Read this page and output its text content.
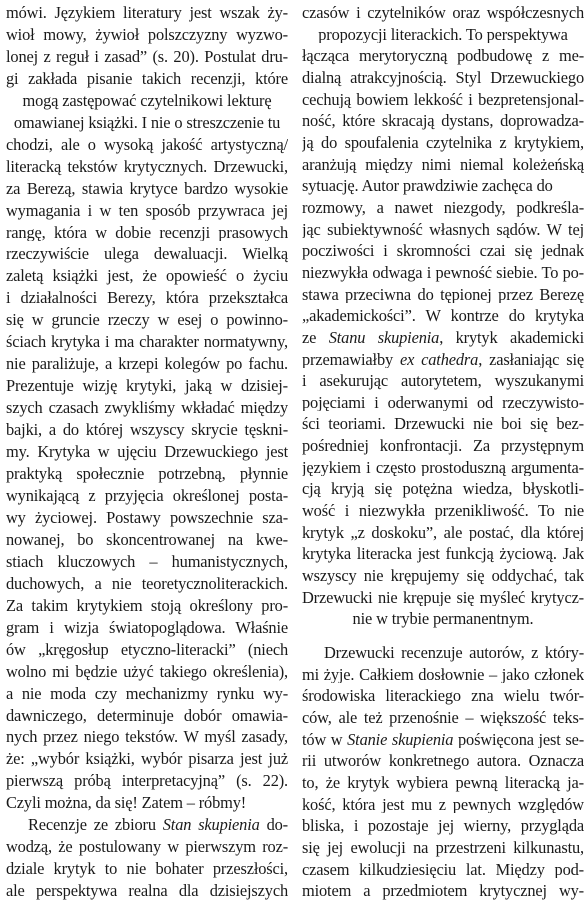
mówi. Językiem literatury jest wszak ży-
wioł mowy, żywioł polszczyzny wyzwo-
lonej z reguł i zasad” (s. 20). Postulat dru-
gi zakłada pisanie takich recenzji, które
mogą zastępować czytelnikowi lekturę
omawianej książki. I nie o streszczenie tu
chodzi, ale o wysoką jakość artystyczną/
literacką tekstów krytycznych. Drzewucki,
za Berezą, stawia krytyce bardzo wysokie
wymagania i w ten sposób przywraca jej
rangę, która w dobie recenzji prasowych
rzeczywiście ulega dewaluacji. Wielką
zaletą książki jest, że opowieść o życiu
i działalności Berezy, która przekształca
się w gruncie rzeczy w esej o powinno-
ściach krytyka i ma charakter normatywny,
nie paraliżuje, a krzepi kolegów po fachu.
Prezentuje wizję krytyki, jaką w dzisiej-
szych czasach zwykliśmy wkładać między
bajki, a do której wszyscy skrycie tęskni-
my. Krytyka w ujęciu Drzewuckiego jest
praktyką społecznie potrzebną, płynnie
wynikającą z przyjęcia określonej posta-
wy życiowej. Postawy powszechnie sza-
nowanej, bo skoncentrowanej na kwe-
stiach kluczowych – humanistycznych,
duchowych, a nie teoretycznoliterackich.
Za takim krytykiem stoją określony pro-
gram i wizja światopoglądowa. Właśnie
ów „kręgosłup etyczno-literacki” (niech
wolno mi będzie użyć takiego określenia),
a nie moda czy mechanizmy rynku wy-
dawniczego, determinuje dobór omawia-
nych przez niego tekstów. W myśl zasady,
że: „wybór książki, wybór pisarza jest już
pierwszą próbą interpretacyjną” (s. 22).
Czyli można, da się! Zatem – róbmy!
Recenzje ze zbioru Stan skupienia do-
wodzą, że postulowany w pierwszym roz-
dziale krytyk to nie bohater przeszłości,
ale perspektywa realna dla dzisiejszych
czasów i czytelników oraz współczesnych
propozycji literackich. To perspektywa
łącząca merytoryczną podbudowę z me-
dialną atrakcyjnością. Styl Drzewuckiego
cechują bowiem lekkość i bezpretensjonal-
ność, które skracają dystans, doprowadza-
ją do spoufalenia czytelnika z krytykiem,
aranżują między nimi niemal koleżeńską
sytuację. Autor prawdziwie zachęca do
rozmowy, a nawet niezgody, podkreśla-
jąc subiektywność własnych sądów. W tej
pocziwości i skromności czai się jednak
niezwykła odwaga i pewność siebie. To po-
stawa przeciwna do tępionej przez Berezę
„akademickości”. W kontrze do krytyka
ze Stanu skupienia, krytyk akademicki
przemawiałby ex cathedra, zasłaniając się
i asekurując autorytetem, wyszukanymi
pojęciami i oderwanymi od rzeczywisto-
ści teoriami. Drzewucki nie boi się bez-
pośredniej konfrontacji. Za przystępnym
językiem i często prostoduszną argumenta-
cją kryją się potężna wiedza, błyskotli-
wość i niezwykła przenikliwość. To nie
krytyk „z doskoku”, ale postać, dla której
krytyka literacka jest funkcją życiową. Jak
wszyscy nie krępujemy się oddychać, tak
Drzewucki nie krępuje się myśleć krytycz-
nie w trybie permanentnym.
Drzewucki recenzuje autorów, z który-
mi żyje. Całkiem dosłownie – jako członek
środowiska literackiego zna wielu twór-
ców, ale też przenośnie – większość teks-
tów w Stanie skupienia poświęcona jest se-
rii utworów konkretnego autora. Oznacza
to, że krytyk wybiera pewną literacką ja-
kość, która jest mu z pewnych względów
bliska, i pozostaje jej wierny, przygląda
się jej ewolucji na przestrzeni kilkunastu,
czasem kilkudziesięciu lat. Między pod-
miotem a przedmiotem krytycznej wy-
